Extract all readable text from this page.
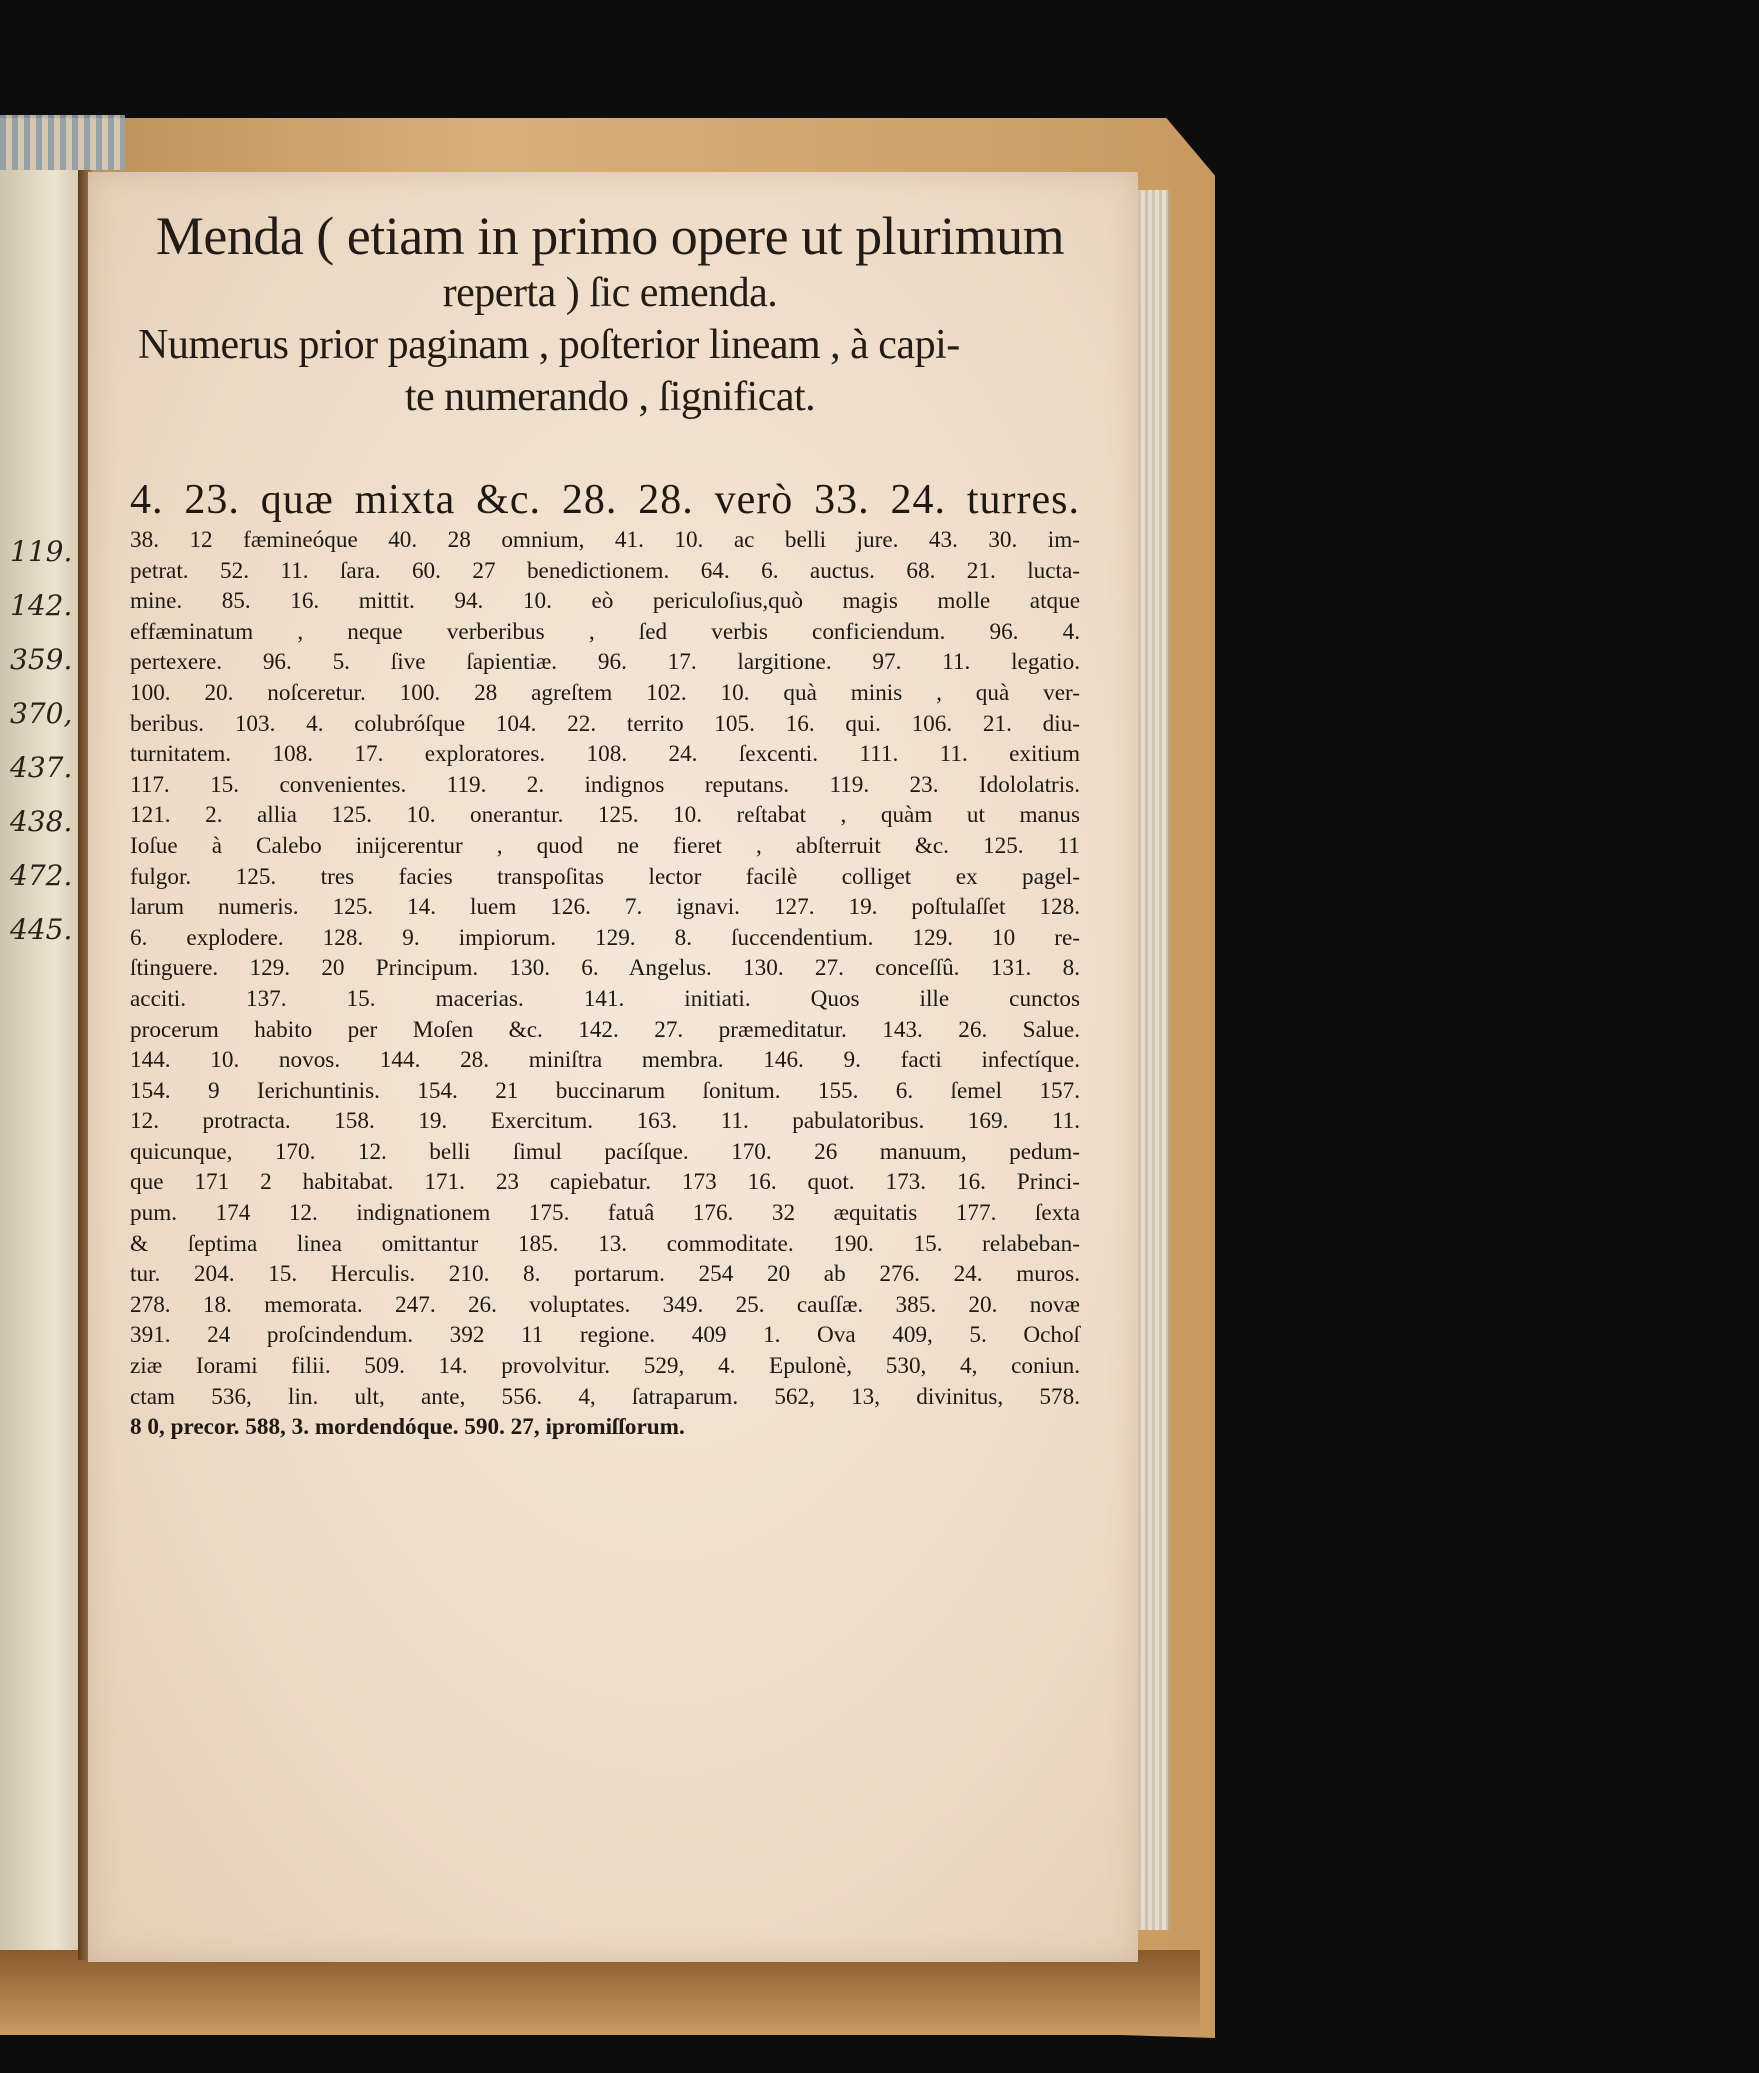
119.
142.
359.
370,
437.
438.
472.
445.
Menda ( etiam in primo opere ut plurimum
reperta ) ſic emenda.
Numerus prior paginam , poſterior lineam , à capi-
te numerando , ſignificat.
4. 23. quæ mixta &c. 28. 28. verò 33. 24. turres.
38. 12 fæmineóque 40. 28 omnium, 41. 10. ac belli jure. 43. 30. im-
petrat. 52. 11. ſara. 60. 27 benedictionem. 64. 6. auctus. 68. 21. lucta-
mine. 85. 16. mittit. 94. 10. eò periculoſius,quò magis molle atque
effæminatum , neque verberibus , ſed verbis conficiendum. 96. 4.
pertexere. 96. 5. ſive ſapientiæ. 96. 17. largitione. 97. 11. legatio.
100. 20. noſceretur. 100. 28 agreſtem 102. 10. quà minis , quà ver-
beribus. 103. 4. colubróſque 104. 22. territo 105. 16. qui. 106. 21. diu-
turnitatem. 108. 17. exploratores. 108. 24. ſexcenti. 111. 11. exitium
117. 15. convenientes. 119. 2. indignos reputans. 119. 23. Idololatris.
121. 2. allia 125. 10. onerantur. 125. 10. reſtabat , quàm ut manus
Ioſue à Calebo inijcerentur , quod ne fieret , abſterruit &c. 125. 11
fulgor. 125. tres facies transpoſitas lector facilè colliget ex pagel-
larum numeris. 125. 14. luem 126. 7. ignavi. 127. 19. poſtulaſſet 128.
6. explodere. 128. 9. impiorum. 129. 8. ſuccendentium. 129. 10 re-
ſtinguere. 129. 20 Principum. 130. 6. Angelus. 130. 27. conceſſû. 131. 8.
acciti. 137. 15. macerias. 141. initiati. Quos ille cunctos
procerum habito per Moſen &c. 142. 27. præmeditatur. 143. 26. Salue.
144. 10. novos. 144. 28. miniſtra membra. 146. 9. facti infectíque.
154. 9 Ierichuntinis. 154. 21 buccinarum ſonitum. 155. 6. ſemel 157.
12. protracta. 158. 19. Exercitum. 163. 11. pabulatoribus. 169. 11.
quicunque, 170. 12. belli ſimul pacíſque. 170. 26 manuum, pedum-
que 171 2 habitabat. 171. 23 capiebatur. 173 16. quot. 173. 16. Princi-
pum. 174 12. indignationem 175. fatuâ 176. 32 æquitatis 177. ſexta
& ſeptima linea omittantur 185. 13. commoditate. 190. 15. relabeban-
tur. 204. 15. Herculis. 210. 8. portarum. 254 20 ab 276. 24. muros.
278. 18. memorata. 247. 26. voluptates. 349. 25. cauſſæ. 385. 20. novæ
391. 24 proſcindendum. 392 11 regione. 409 1. Ova 409, 5. Ochoſ
ziæ Iorami filii. 509. 14. provolvitur. 529, 4. Epulonè, 530, 4, coniun.
ctam 536, lin. ult, ante, 556. 4, ſatraparum. 562, 13, divinitus, 578.
8 0, precor. 588, 3. mordendóque. 590. 27, ipromiſſorum.
